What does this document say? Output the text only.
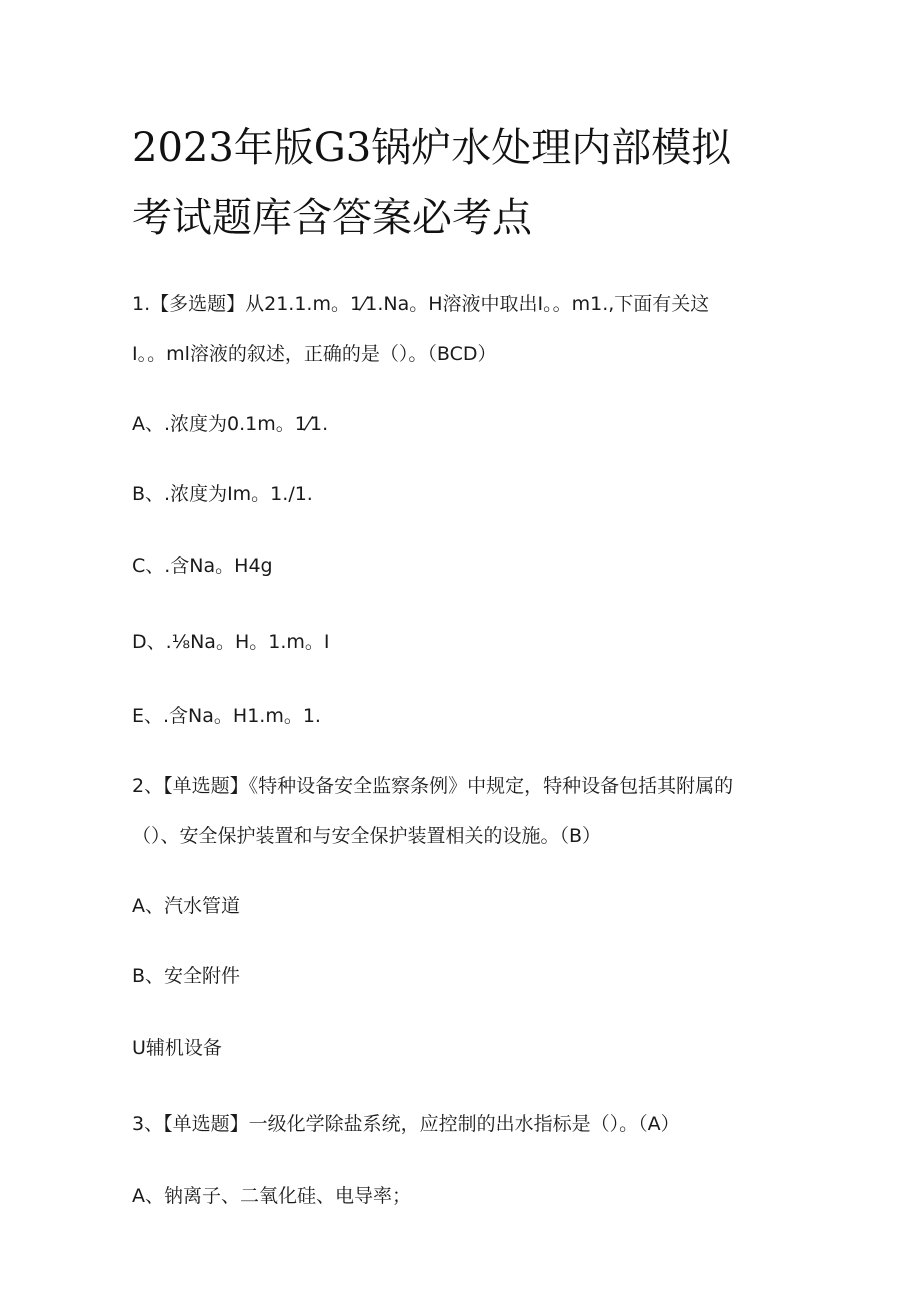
2023年版G3锅炉水处理内部模拟
考试题库含答案必考点
1.【多选题】从21.1.m。1⁄1.Na。H溶液中取出I。。m1.,下面有关这
I。。ml溶液的叙述，正确的是（）。（BCD）
A、.浓度为0.1m。1⁄1.
B、.浓度为Im。1./1.
C、.含Na。H4g
D、.⅛Na。H。1.m。I
E、.含Na。H1.m。1.
2、【单选题】《特种设备安全监察条例》中规定，特种设备包括其附属的
（）、安全保护装置和与安全保护装置相关的设施。（B）
A、汽水管道
B、安全附件
U辅机设备
3、【单选题】一级化学除盐系统，应控制的出水指标是（）。（A）
A、钠离子、二氧化硅、电导率；
